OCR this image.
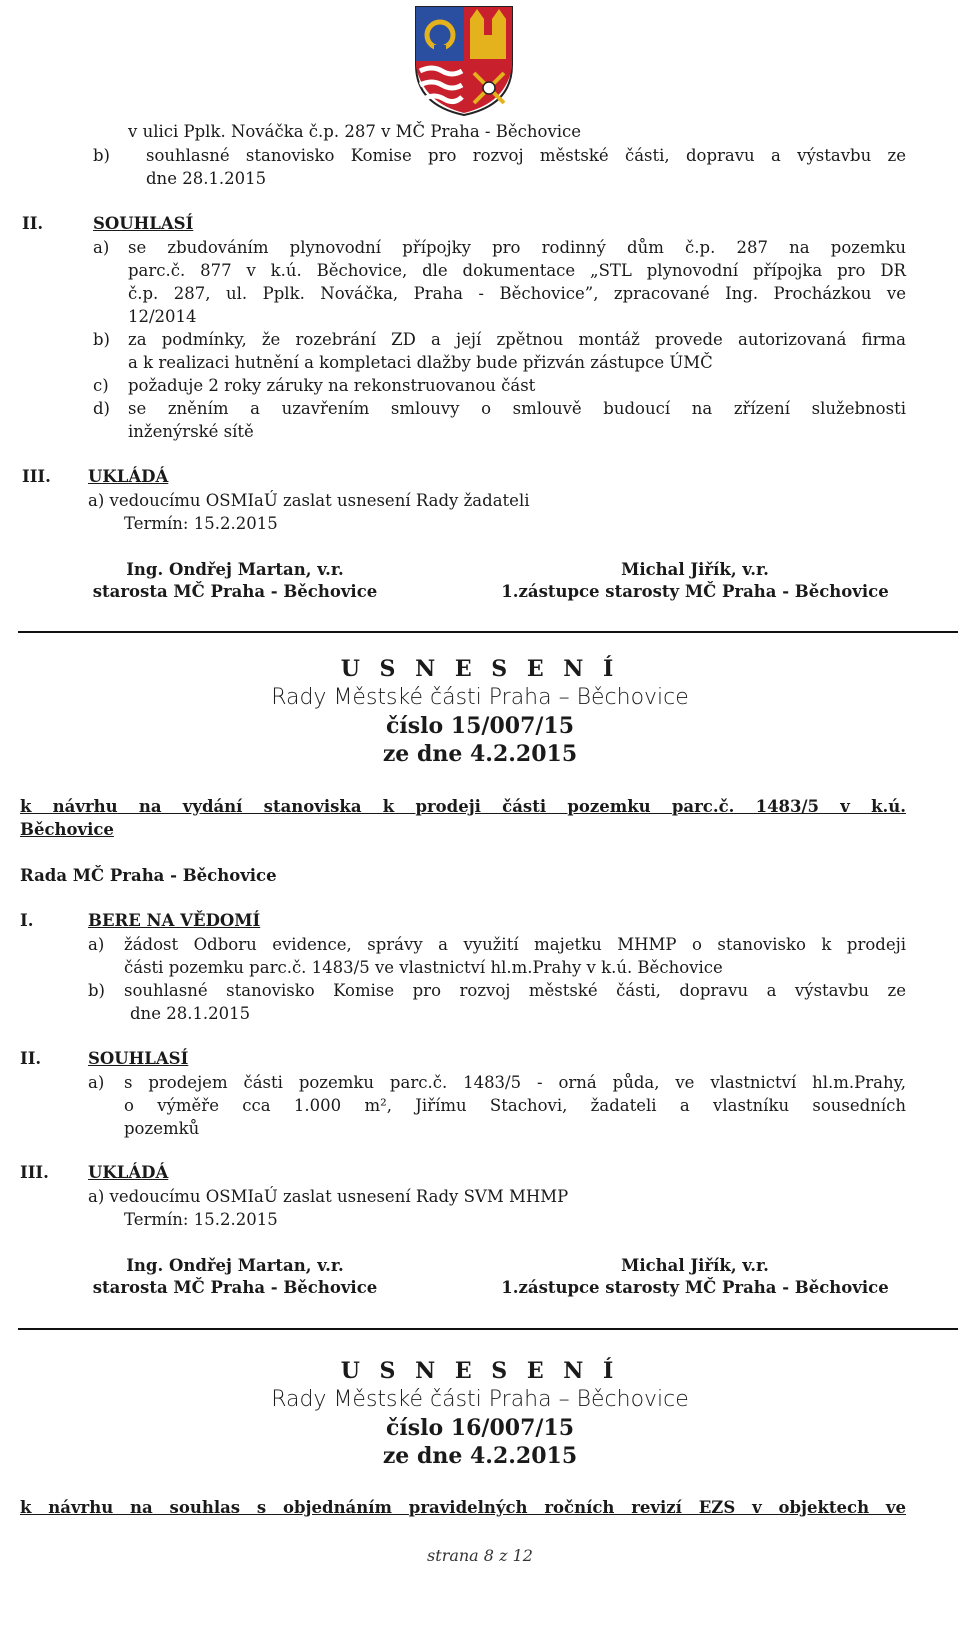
v ulici Pplk. Nováčka č.p. 287 v MČ Praha - Běchovice
b) souhlasné stanovisko Komise pro rozvoj městské části, dopravu a výstavbu ze
dne 28.1.2015
II.	SOUHLASÍ
a) se zbudováním plynovodní přípojky pro rodinný dům č.p. 287 na pozemku
parc.č. 877 v k.ú. Běchovice, dle dokumentace „STL plynovodní přípojka pro DR
č.p. 287, ul. Pplk. Nováčka, Praha - Běchovice”, zpracované Ing. Procházkou ve
12/2014
b) za podmínky, že rozebrání ZD a její zpětnou montáž provede autorizovaná firma
a k realizaci hutnění a kompletaci dlažby bude přizván zástupce ÚMČ
c) požaduje 2 roky záruky na rekonstruovanou část
d) se zněním a uzavřením smlouvy o smlouvě budoucí na zřízení služebnosti
inženýrské sítě
III. UKLÁDÁ
a) vedoucímu OSMIaÚ zaslat usnesení Rady žadateli
Termín: 15.2.2015
Ing. Ondřej Martan, v.r.
starosta MČ Praha - Běchovice
Michal Jiřík, v.r.
1.zástupce starosty MČ Praha - Běchovice
U S N E S E N Í
Rady Městské části Praha – Běchovice
číslo 15/007/15
ze dne 4.2.2015
k návrhu na vydání stanoviska k prodeji části pozemku parc.č. 1483/5 v k.ú.
Běchovice
Rada MČ Praha - Běchovice
I.	BERE NA VĚDOMÍ
a) žádost Odboru evidence, správy a využití majetku MHMP o stanovisko k prodeji
části pozemku parc.č. 1483/5 ve vlastnictví hl.m.Prahy v k.ú. Běchovice
b) souhlasné stanovisko Komise pro rozvoj městské části, dopravu a výstavbu ze
dne 28.1.2015
II.	SOUHLASÍ
a) s prodejem části pozemku parc.č. 1483/5 - orná půda, ve vlastnictví hl.m.Prahy,
o výměře cca 1.000 m², Jiřímu Stachovi, žadateli a vlastníku sousedních
pozemků
III. UKLÁDÁ
a) vedoucímu OSMIaÚ zaslat usnesení Rady SVM MHMP
Termín: 15.2.2015
Ing. Ondřej Martan, v.r.
starosta MČ Praha - Běchovice
Michal Jiřík, v.r.
1.zástupce starosty MČ Praha - Běchovice
U S N E S E N Í
Rady Městské části Praha – Běchovice
číslo 16/007/15
ze dne 4.2.2015
k návrhu na souhlas s objednáním pravidelných ročních revizí EZS v objektech ve
strana 8 z 12
